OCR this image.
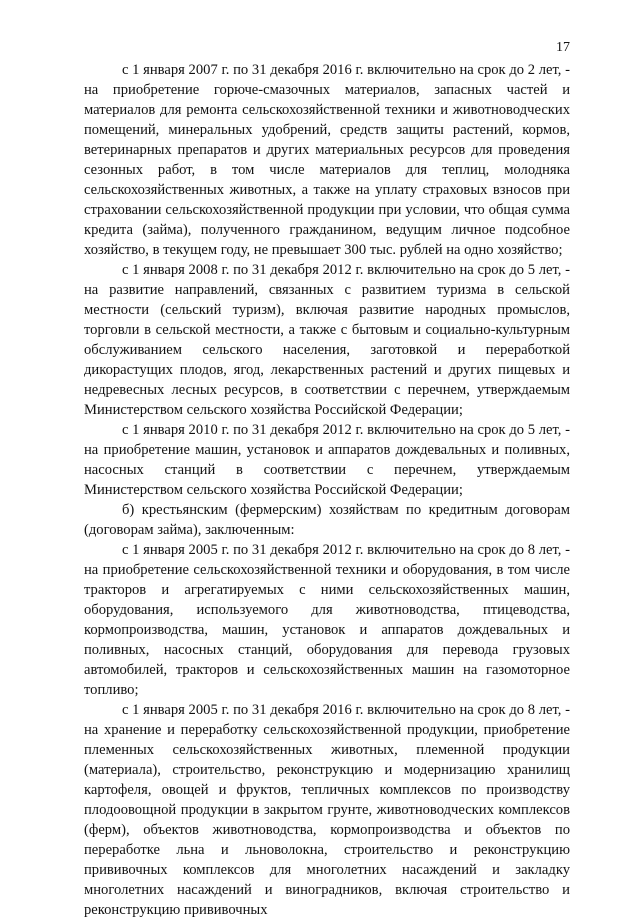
17

с 1 января 2007 г. по 31 декабря 2016 г. включительно на срок до 2 лет, - на приобретение горюче-смазочных материалов, запасных частей и материалов для ремонта сельскохозяйственной техники и животноводческих помещений, минеральных удобрений, средств защиты растений, кормов, ветеринарных препаратов и других материальных ресурсов для проведения сезонных работ, в том числе материалов для теплиц, молодняка сельскохозяйственных животных, а также на уплату страховых взносов при страховании сельскохозяйственной продукции при условии, что общая сумма кредита (займа), полученного гражданином, ведущим личное подсобное хозяйство, в текущем году, не превышает 300 тыс. рублей на одно хозяйство;

с 1 января 2008 г. по 31 декабря 2012 г. включительно на срок до 5 лет, - на развитие направлений, связанных с развитием туризма в сельской местности (сельский туризм), включая развитие народных промыслов, торговли в сельской местности, а также с бытовым и социально-культурным обслуживанием сельского населения, заготовкой и переработкой дикорастущих плодов, ягод, лекарственных растений и других пищевых и недревесных лесных ресурсов, в соответствии с перечнем, утверждаемым Министерством сельского хозяйства Российской Федерации;

с 1 января 2010 г. по 31 декабря 2012 г. включительно на срок до 5 лет, - на приобретение машин, установок и аппаратов дождевальных и поливных, насосных станций в соответствии с перечнем, утверждаемым Министерством сельского хозяйства Российской Федерации;

б) крестьянским (фермерским) хозяйствам по кредитным договорам (договорам займа), заключенным:

с 1 января 2005 г. по 31 декабря 2012 г. включительно на срок до 8 лет, - на приобретение сельскохозяйственной техники и оборудования, в том числе тракторов и агрегатируемых с ними сельскохозяйственных машин, оборудования, используемого для животноводства, птицеводства, кормопроизводства, машин, установок и аппаратов дождевальных и поливных, насосных станций, оборудования для перевода грузовых автомобилей, тракторов и сельскохозяйственных машин на газомоторное топливо;

с 1 января 2005 г. по 31 декабря 2016 г. включительно на срок до 8 лет, - на хранение и переработку сельскохозяйственной продукции, приобретение племенных сельскохозяйственных животных, племенной продукции (материала), строительство, реконструкцию и модернизацию хранилищ картофеля, овощей и фруктов, тепличных комплексов по производству плодоовощной продукции в закрытом грунте, животноводческих комплексов (ферм), объектов животноводства, кормопроизводства и объектов по переработке льна и льноволокна, строительство и реконструкцию прививочных комплексов для многолетних насаждений и закладку многолетних насаждений и виноградников, включая строительство и реконструкцию прививочных
